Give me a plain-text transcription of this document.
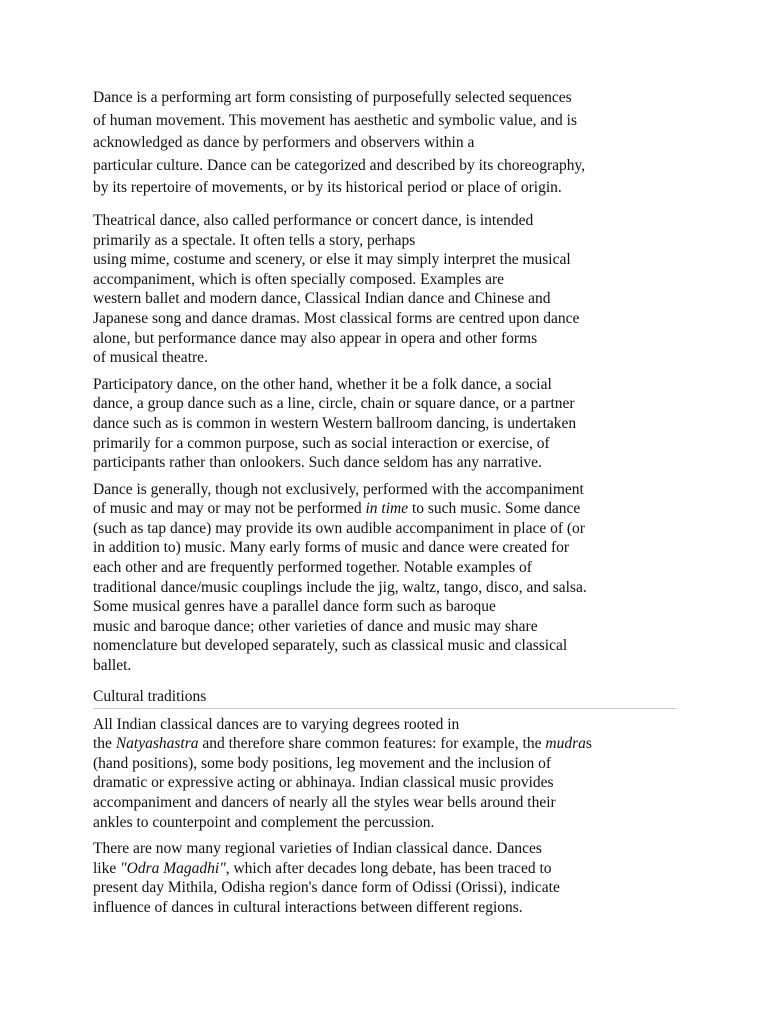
Dance is a performing art form consisting of purposefully selected sequences
of human movement. This movement has aesthetic and symbolic value, and is
acknowledged as dance by performers and observers within a
particular culture. Dance can be categorized and described by its choreography,
by its repertoire of movements, or by its historical period or place of origin.

Theatrical dance, also called performance or concert dance, is intended
primarily as a spectale. It often tells a story, perhaps
using mime, costume and scenery, or else it may simply interpret the musical
accompaniment, which is often specially composed. Examples are
western ballet and modern dance, Classical Indian dance and Chinese and
Japanese song and dance dramas. Most classical forms are centred upon dance
alone, but performance dance may also appear in opera and other forms
of musical theatre.

Participatory dance, on the other hand, whether it be a folk dance, a social
dance, a group dance such as a line, circle, chain or square dance, or a partner
dance such as is common in western Western ballroom dancing, is undertaken
primarily for a common purpose, such as social interaction or exercise, of
participants rather than onlookers. Such dance seldom has any narrative.

Dance is generally, though not exclusively, performed with the accompaniment
of music and may or may not be performed in time to such music. Some dance
(such as tap dance) may provide its own audible accompaniment in place of (or
in addition to) music. Many early forms of music and dance were created for
each other and are frequently performed together. Notable examples of
traditional dance/music couplings include the jig, waltz, tango, disco, and salsa.
Some musical genres have a parallel dance form such as baroque
music and baroque dance; other varieties of dance and music may share
nomenclature but developed separately, such as classical music and classical
ballet.

Cultural traditions

All Indian classical dances are to varying degrees rooted in
the Natyashastra and therefore share common features: for example, the mudras
(hand positions), some body positions, leg movement and the inclusion of
dramatic or expressive acting or abhinaya. Indian classical music provides
accompaniment and dancers of nearly all the styles wear bells around their
ankles to counterpoint and complement the percussion.

There are now many regional varieties of Indian classical dance. Dances
like "Odra Magadhi", which after decades long debate, has been traced to
present day Mithila, Odisha region's dance form of Odissi (Orissi), indicate
influence of dances in cultural interactions between different regions.
